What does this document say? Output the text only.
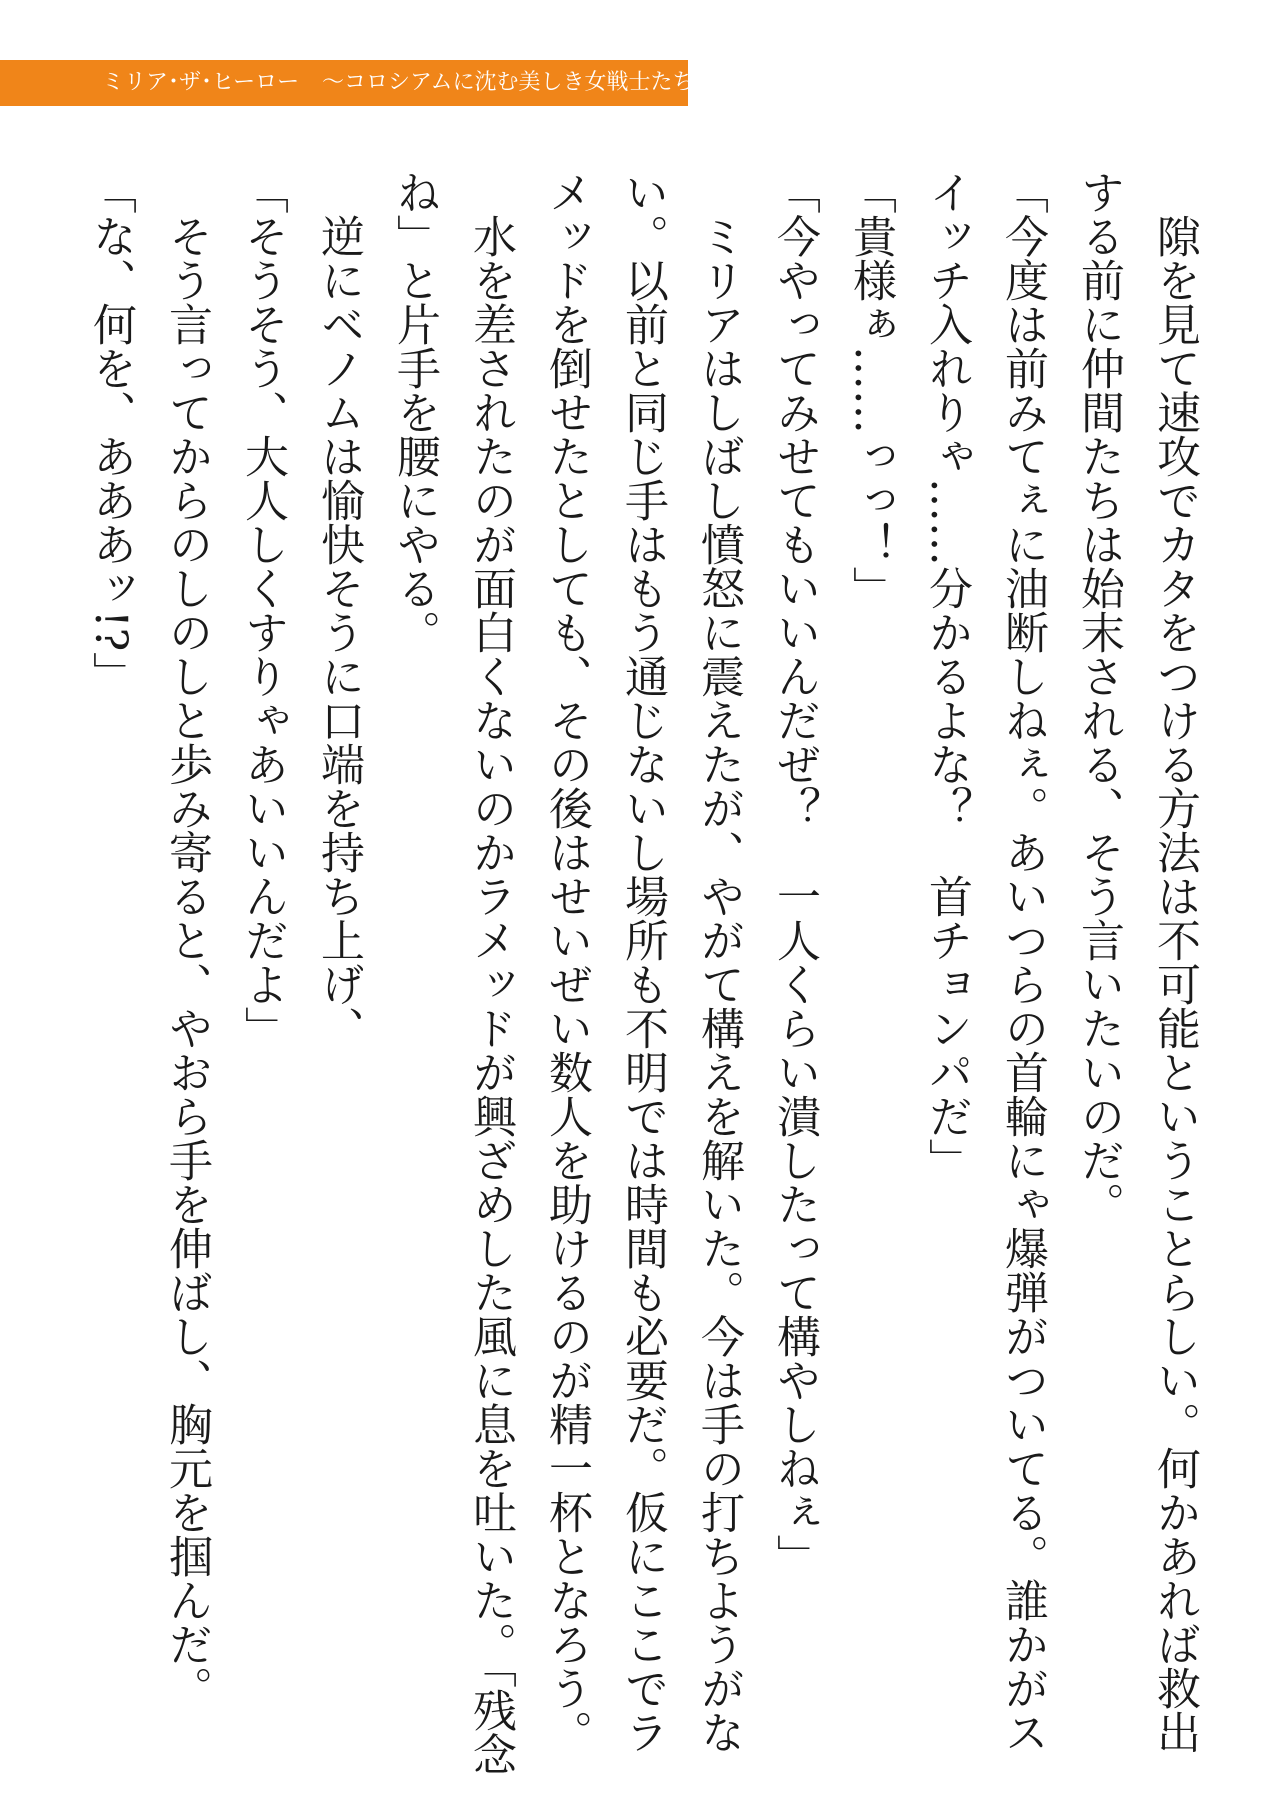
ミリア･ザ･ヒーロー 〜コロシアムに沈む美しき女戦士たち〜

隙を見て速攻でカタをつける方法は不可能ということらしい。何かあれば救出する前に仲間たちは始末される、そう言いたいのだ。

「今度は前みてぇに油断しねぇ。あいつらの首輪にゃ爆弾がついてる。誰かがスイッチ入れりゃ……分かるよな？　首チョンパだ」

「貴様ぁ……っっ！」

「今やってみせてもいいんだぜ？　一人くらい潰したって構やしねぇ」

ミリアはしばし憤怒に震えたが、やがて構えを解いた。今は手の打ちようがない。以前と同じ手はもう通じないし場所も不明では時間も必要だ。仮にここでラメッドを倒せたとしても、その後はせいぜい数人を助けるのが精一杯となろう。

水を差されたのが面白くないのかラメッドが興ざめした風に息を吐いた。「残念ね」と片手を腰にやる。

逆にベノムは愉快そうに口端を持ち上げ、

「そうそう、大人しくすりゃあいいんだよ」

そう言ってからのしのしと歩み寄ると、やおら手を伸ばし、胸元を掴んだ。

「な、何を、あああッ!?」
